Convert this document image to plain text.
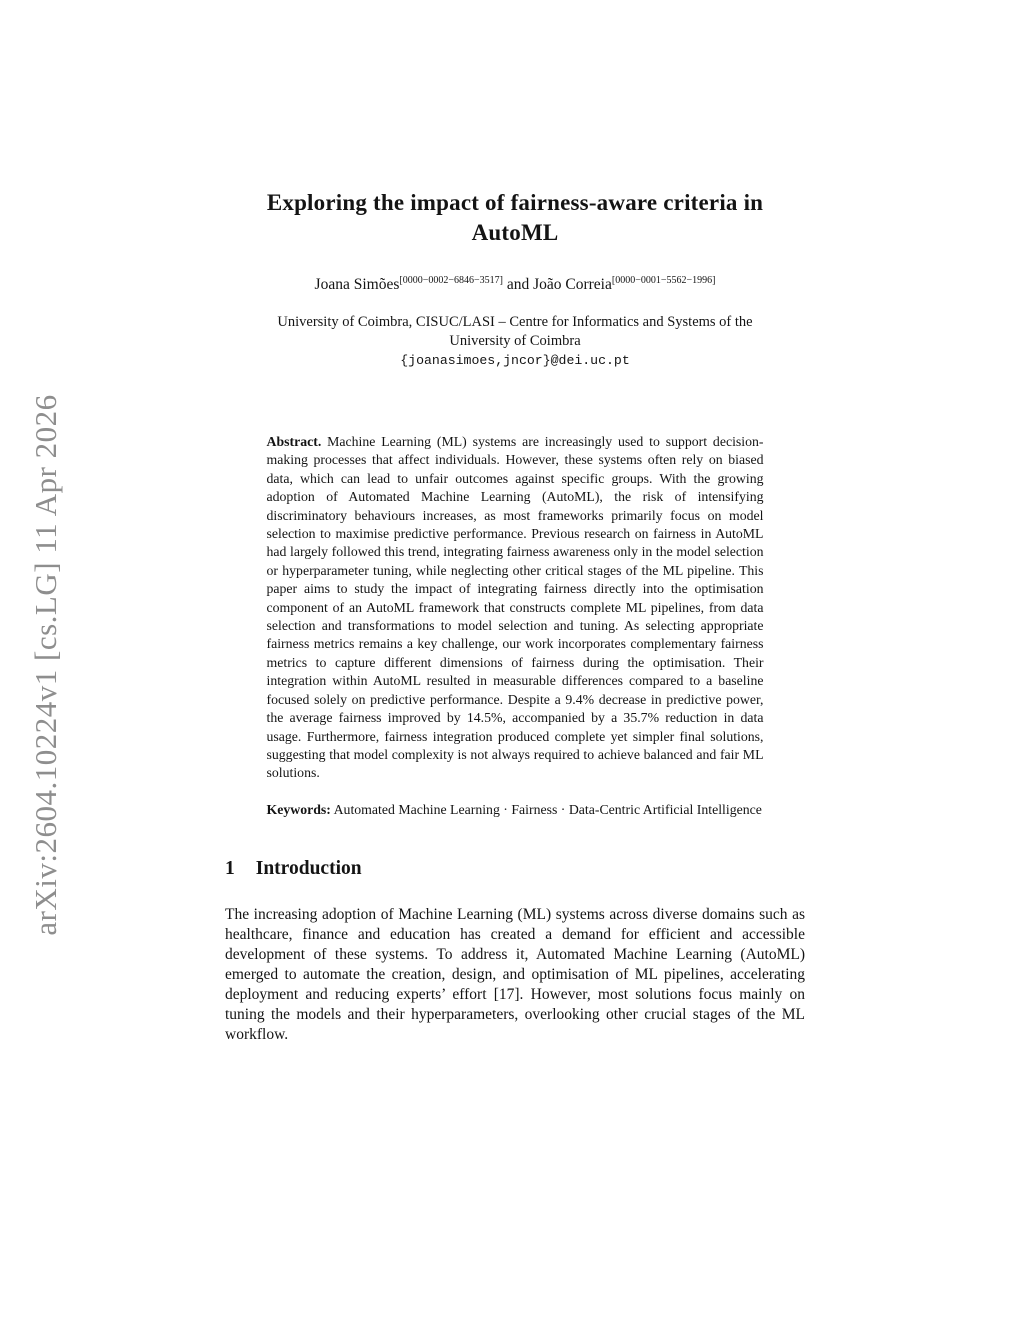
arXiv:2604.10224v1 [cs.LG] 11 Apr 2026
Exploring the impact of fairness-aware criteria in
AutoML
Joana Simões[0000−0002−6846−3517] and João Correia[0000−0001−5562−1996]
University of Coimbra, CISUC/LASI – Centre for Informatics and Systems of the
University of Coimbra
{joanasimoes,jncor}@dei.uc.pt

Abstract. Machine Learning (ML) systems are increasingly used to support decision-making processes that affect individuals. However, these systems often rely on biased data, which can lead to unfair outcomes against specific groups. With the growing adoption of Automated Machine Learning (AutoML), the risk of intensifying discriminatory behaviours increases, as most frameworks primarily focus on model selection to maximise predictive performance. Previous research on fairness in AutoML had largely followed this trend, integrating fairness awareness only in the model selection or hyperparameter tuning, while neglecting other critical stages of the ML pipeline. This paper aims to study the impact of integrating fairness directly into the optimisation component of an AutoML framework that constructs complete ML pipelines, from data selection and transformations to model selection and tuning. As selecting appropriate fairness metrics remains a key challenge, our work incorporates complementary fairness metrics to capture different dimensions of fairness during the optimisation. Their integration within AutoML resulted in measurable differences compared to a baseline focused solely on predictive performance. Despite a 9.4% decrease in predictive power, the average fairness improved by 14.5%, accompanied by a 35.7% reduction in data usage. Furthermore, fairness integration produced complete yet simpler final solutions, suggesting that model complexity is not always required to achieve balanced and fair ML solutions.

Keywords: Automated Machine Learning · Fairness · Data-Centric Artificial Intelligence

1 Introduction

The increasing adoption of Machine Learning (ML) systems across diverse domains such as healthcare, finance and education has created a demand for efficient and accessible development of these systems. To address it, Automated Machine Learning (AutoML) emerged to automate the creation, design, and optimisation of ML pipelines, accelerating deployment and reducing experts’ effort [17]. However, most solutions focus mainly on tuning the models and their hyperparameters, overlooking other crucial stages of the ML workflow.
